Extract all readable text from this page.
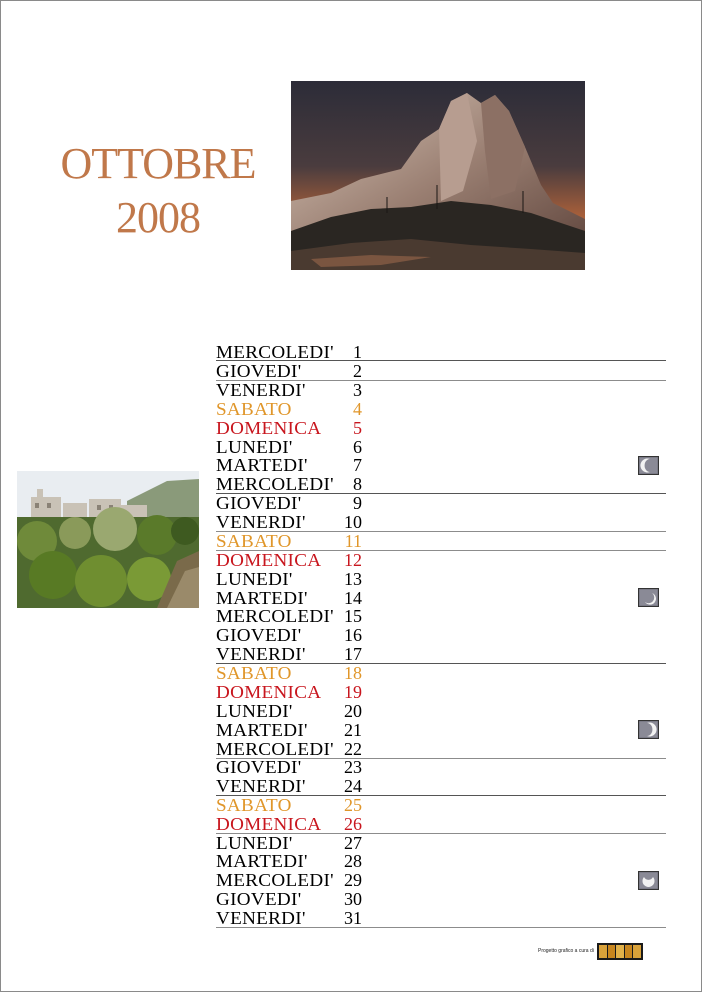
OTTOBRE
2008
MERCOLEDI'	1
GIOVEDI'	2
VENERDI'	3
SABATO	4
DOMENICA	5
LUNEDI'	6
MARTEDI'	7
MERCOLEDI'	8
GIOVEDI'	9
VENERDI'	10
SABATO	11
DOMENICA	12
LUNEDI'	13
MARTEDI'	14
MERCOLEDI' 15
GIOVEDI'	16
VENERDI'	17
SABATO	18
DOMENICA	19
LUNEDI'	20
MARTEDI'	21
MERCOLEDI' 22
GIOVEDI'	23
VENERDI'	24
SABATO	25
DOMENICA	26
LUNEDI'	27
MARTEDI'	28
MERCOLEDI' 29
GIOVEDI'	30
VENERDI'	31
Progetto grafico a cura di
